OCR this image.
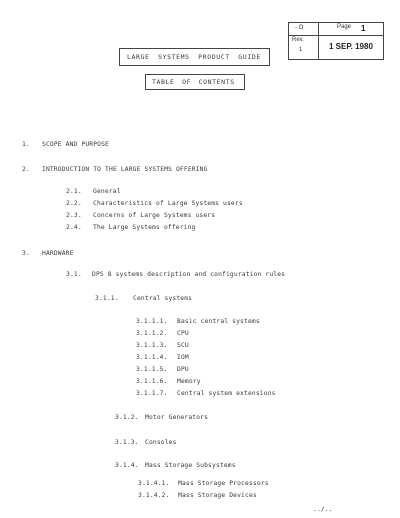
- O	Page 1
Rev.
1	1 SEP. 1980
LARGE SYSTEMS PRODUCT GUIDE
TABLE OF CONTENTS
1. SCOPE AND PURPOSE
2. INTRODUCTION TO THE LARGE SYSTEMS OFFERING
2.1. General
2.2. Characteristics of Large Systems users
2.3. Concerns of Large Systems users
2.4. The Large Systems offering
3. HARDWARE
3.1. DPS 8 systems description and configuration rules
3.1.1. Central systems
3.1.1.1. Basic central systems
3.1.1.2. CPU
3.1.1.3. SCU
3.1.1.4. IOM
3.1.1.5. DPU
3.1.1.6. Memory
3.1.1.7. Central system extensions
3.1.2. Motor Generators
3.1.3. Consoles
3.1.4. Mass Storage Subsystems
3.1.4.1. Mass Storage Processors
3.1.4.2. Mass Storage Devices
../..
